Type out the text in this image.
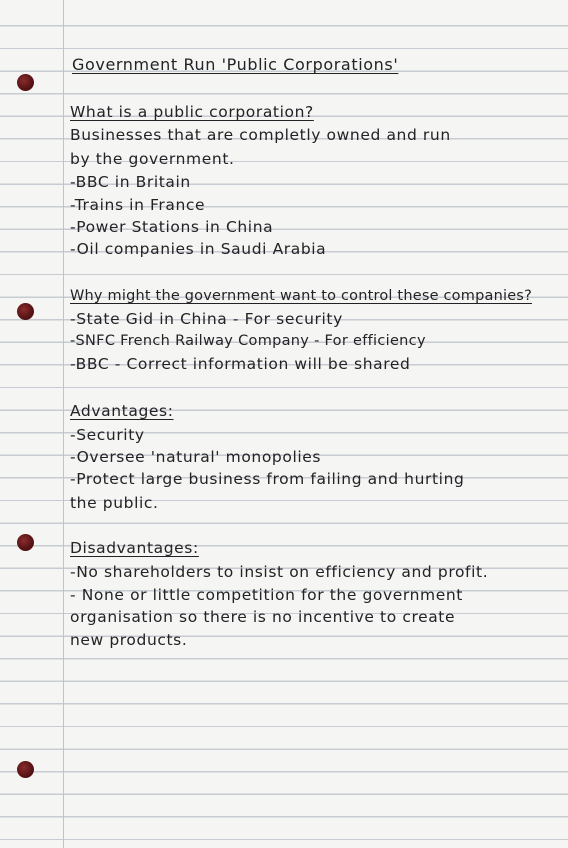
Government Run 'Public Corporations'
What is a public corporation?
Businesses that are completly owned and run
by the government.
-BBC in Britain
-Trains in France
-Power Stations in China
-Oil companies in Saudi Arabia
Why might the government want to control these companies?
-State Gid in China - For security
-SNFC French Railway Company - For efficiency
-BBC - Correct information will be shared
Advantages:
-Security
-Oversee 'natural' monopolies
-Protect large business from failing and hurting
the public.
Disadvantages:
-No shareholders to insist on efficiency and profit.
- None or little competition for the government
organisation so there is no incentive to create
new products.
